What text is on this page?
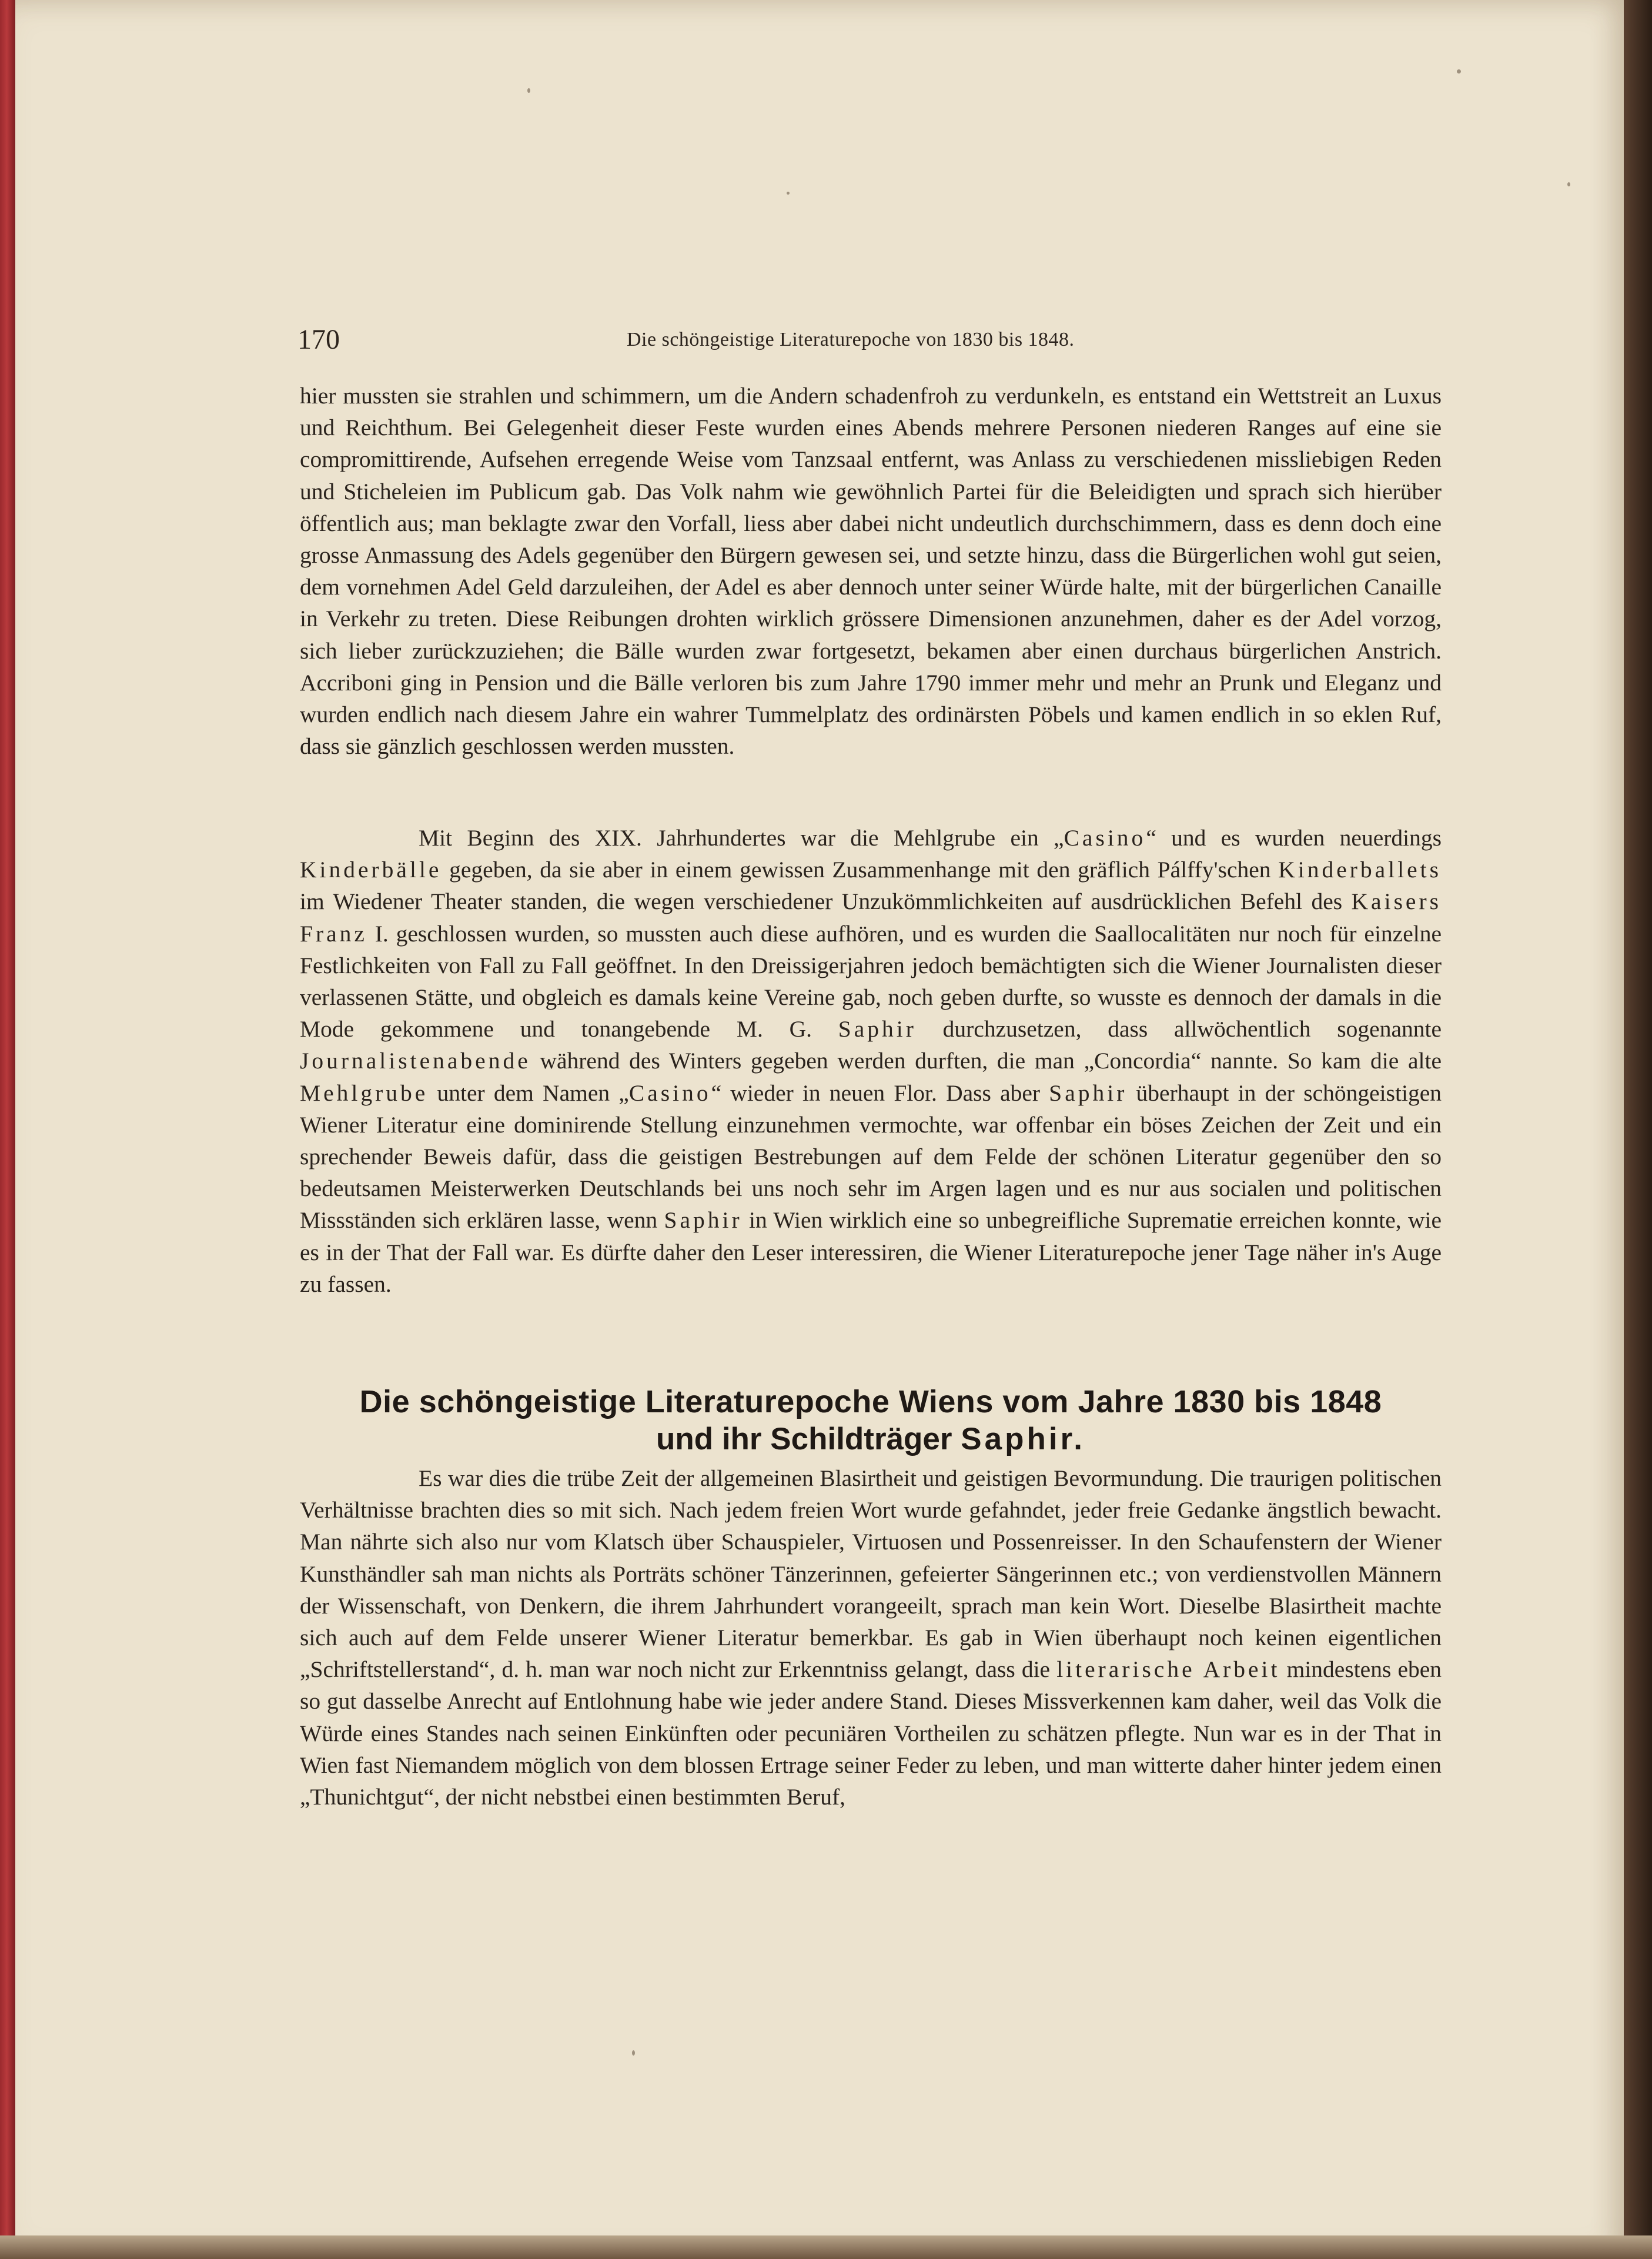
170	Die schöngeistige Literaturepoche von 1830 bis 1848.

hier mussten sie strahlen und schimmern, um die Andern schadenfroh zu verdunkeln, es entstand ein Wettstreit an Luxus und Reichthum. Bei Gelegenheit dieser Feste wurden eines Abends mehrere Personen niederen Ranges auf eine sie compromittirende, Aufsehen erregende Weise vom Tanzsaal entfernt, was Anlass zu verschiedenen missliebigen Reden und Sticheleien im Publicum gab. Das Volk nahm wie gewöhnlich Partei für die Beleidigten und sprach sich hierüber öffentlich aus; man beklagte zwar den Vorfall, liess aber dabei nicht undeutlich durchschimmern, dass es denn doch eine grosse Anmassung des Adels gegenüber den Bürgern gewesen sei, und setzte hinzu, dass die Bürgerlichen wohl gut seien, dem vornehmen Adel Geld darzuleihen, der Adel es aber dennoch unter seiner Würde halte, mit der bürgerlichen Canaille in Verkehr zu treten. Diese Reibungen drohten wirklich grössere Dimensionen anzunehmen, daher es der Adel vorzog, sich lieber zurückzuziehen; die Bälle wurden zwar fortgesetzt, bekamen aber einen durchaus bürgerlichen Anstrich. Accriboni ging in Pension und die Bälle verloren bis zum Jahre 1790 immer mehr und mehr an Prunk und Eleganz und wurden endlich nach diesem Jahre ein wahrer Tummelplatz des ordinärsten Pöbels und kamen endlich in so eklen Ruf, dass sie gänzlich geschlossen werden mussten.

Mit Beginn des XIX. Jahrhundertes war die Mehlgrube ein „Casino“ und es wurden neuerdings Kinderbälle gegeben, da sie aber in einem gewissen Zusammenhange mit den gräflich Pálffy'schen Kinderballets im Wiedener Theater standen, die wegen verschiedener Unzukömmlichkeiten auf ausdrücklichen Befehl des Kaisers Franz I. geschlossen wurden, so mussten auch diese aufhören, und es wurden die Saallocalitäten nur noch für einzelne Festlichkeiten von Fall zu Fall geöffnet. In den Dreissigerjahren jedoch bemächtigten sich die Wiener Journalisten dieser verlassenen Stätte, und obgleich es damals keine Vereine gab, noch geben durfte, so wusste es dennoch der damals in die Mode gekommene und tonangebende M. G. Saphir durchzusetzen, dass allwöchentlich sogenannte Journalistenabende während des Winters gegeben werden durften, die man „Concordia“ nannte. So kam die alte Mehlgrube unter dem Namen „Casino“ wieder in neuen Flor. Dass aber Saphir überhaupt in der schöngeistigen Wiener Literatur eine dominirende Stellung einzunehmen vermochte, war offenbar ein böses Zeichen der Zeit und ein sprechender Beweis dafür, dass die geistigen Bestrebungen auf dem Felde der schönen Literatur gegenüber den so bedeutsamen Meisterwerken Deutschlands bei uns noch sehr im Argen lagen und es nur aus socialen und politischen Missständen sich erklären lasse, wenn Saphir in Wien wirklich eine so unbegreifliche Suprematie erreichen konnte, wie es in der That der Fall war. Es dürfte daher den Leser interessiren, die Wiener Literaturepoche jener Tage näher in's Auge zu fassen.

Die schöngeistige Literaturepoche Wiens vom Jahre 1830 bis 1848
und ihr Schildträger Saphir.

Es war dies die trübe Zeit der allgemeinen Blasirtheit und geistigen Bevormundung. Die traurigen politischen Verhältnisse brachten dies so mit sich. Nach jedem freien Wort wurde gefahndet, jeder freie Gedanke ängstlich bewacht. Man nährte sich also nur vom Klatsch über Schauspieler, Virtuosen und Possenreisser. In den Schaufenstern der Wiener Kunsthändler sah man nichts als Porträts schöner Tänzerinnen, gefeierter Sängerinnen etc.; von verdienstvollen Männern der Wissenschaft, von Denkern, die ihrem Jahrhundert vorangeeilt, sprach man kein Wort. Dieselbe Blasirtheit machte sich auch auf dem Felde unserer Wiener Literatur bemerkbar. Es gab in Wien überhaupt noch keinen eigentlichen „Schriftstellerstand“, d. h. man war noch nicht zur Erkenntniss gelangt, dass die literarische Arbeit mindestens eben so gut dasselbe Anrecht auf Entlohnung habe wie jeder andere Stand. Dieses Missverkennen kam daher, weil das Volk die Würde eines Standes nach seinen Einkünften oder pecuniären Vortheilen zu schätzen pflegte. Nun war es in der That in Wien fast Niemandem möglich von dem blossen Ertrage seiner Feder zu leben, und man witterte daher hinter jedem einen „Thunichtgut“, der nicht nebstbei einen bestimmten Beruf,
